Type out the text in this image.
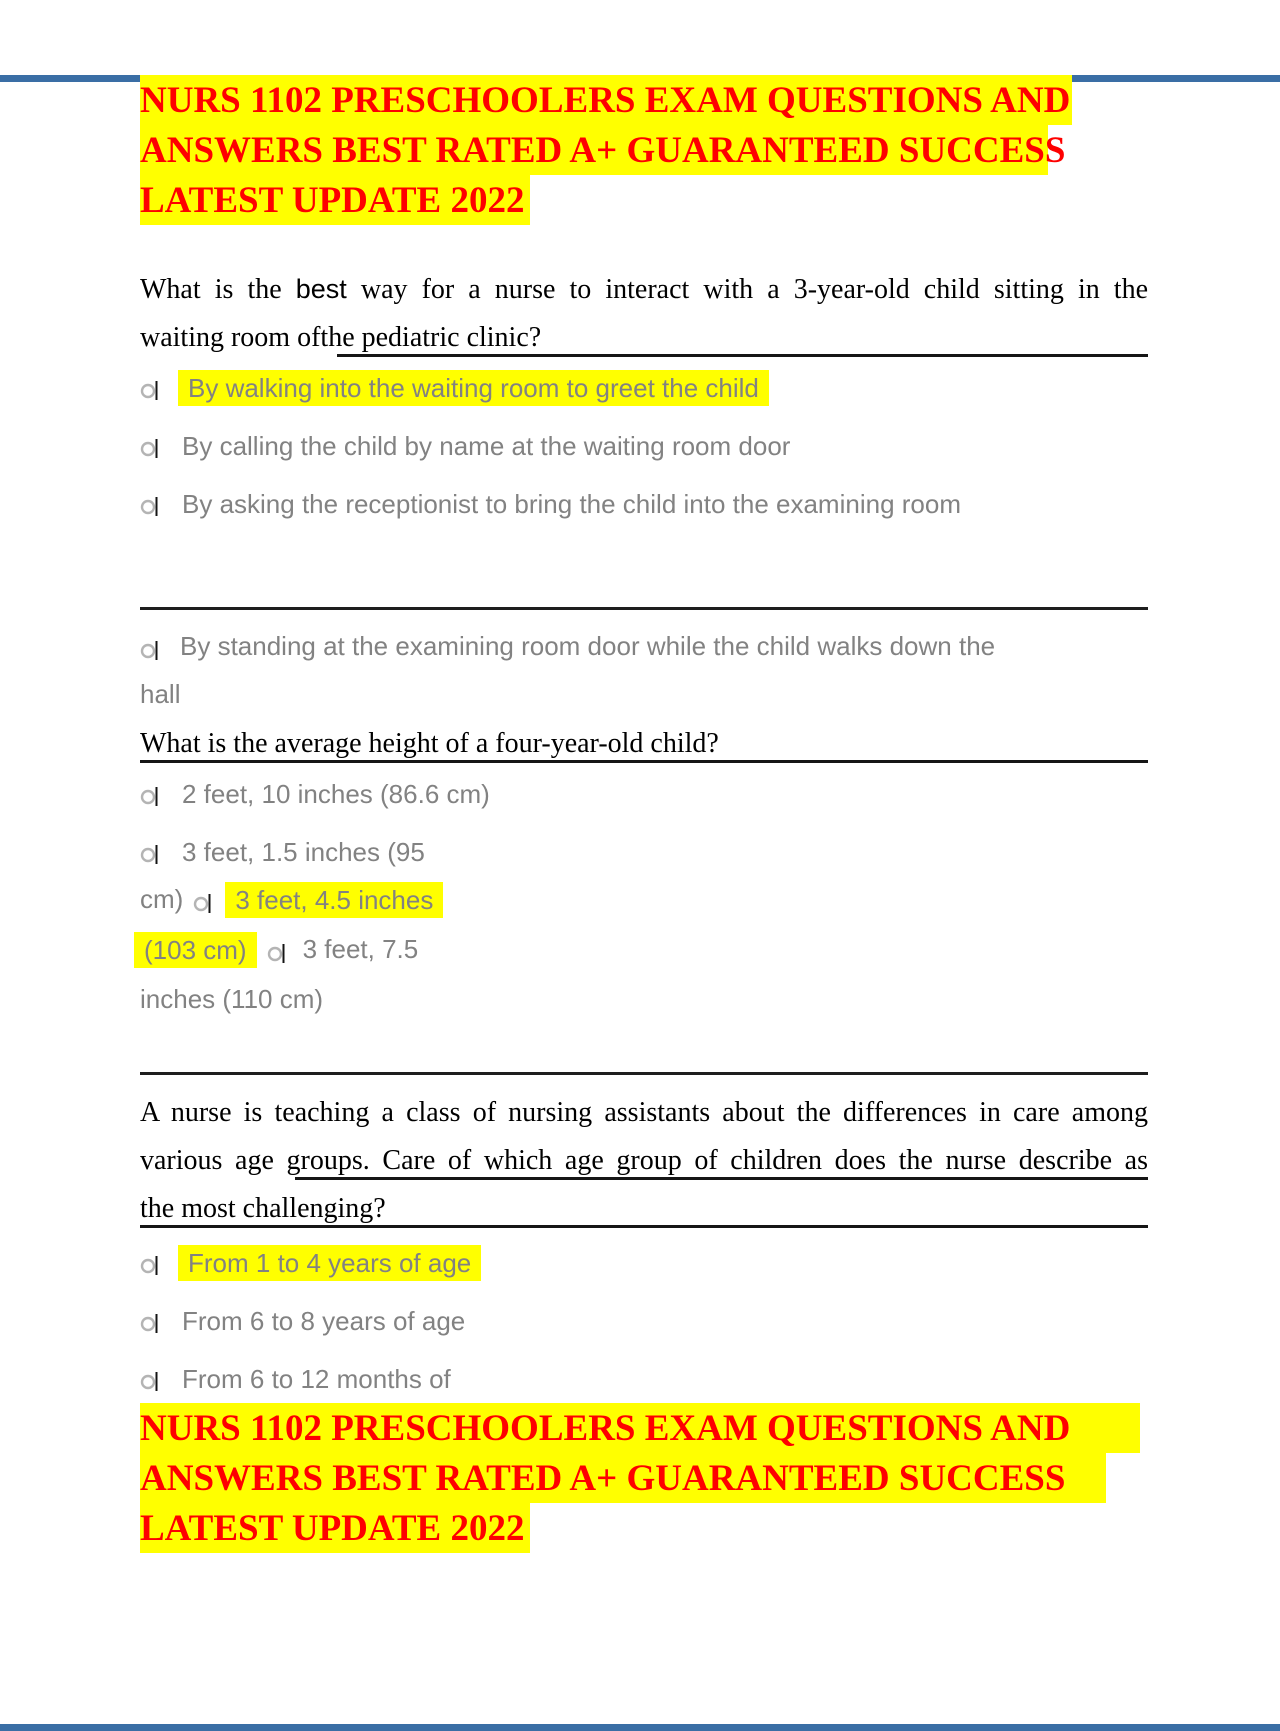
NURS 1102 PRESCHOOLERS EXAM QUESTIONS AND
ANSWERS BEST RATED A+ GUARANTEED SUCCESS
LATEST UPDATE 2022
What is the best way for a nurse to interact with a 3-year-old child sitting in the
waiting room ofthe pediatric clinic?
By walking into the waiting room to greet the child
By calling the child by name at the waiting room door
By asking the receptionist to bring the child into the examining room
By standing at the examining room door while the child walks down the
hall
What is the average height of a four-year-old child?
2 feet, 10 inches (86.6 cm)
3 feet, 1.5 inches (95
cm) 3 feet, 4.5 inches
(103 cm) 3 feet, 7.5
inches (110 cm)
A nurse is teaching a class of nursing assistants about the differences in care among
various age groups. Care of which age group of children does the nurse describe as
the most challenging?
From 1 to 4 years of age
From 6 to 8 years of age
From 6 to 12 months of
NURS 1102 PRESCHOOLERS EXAM QUESTIONS AND
ANSWERS BEST RATED A+ GUARANTEED SUCCESS
LATEST UPDATE 2022
